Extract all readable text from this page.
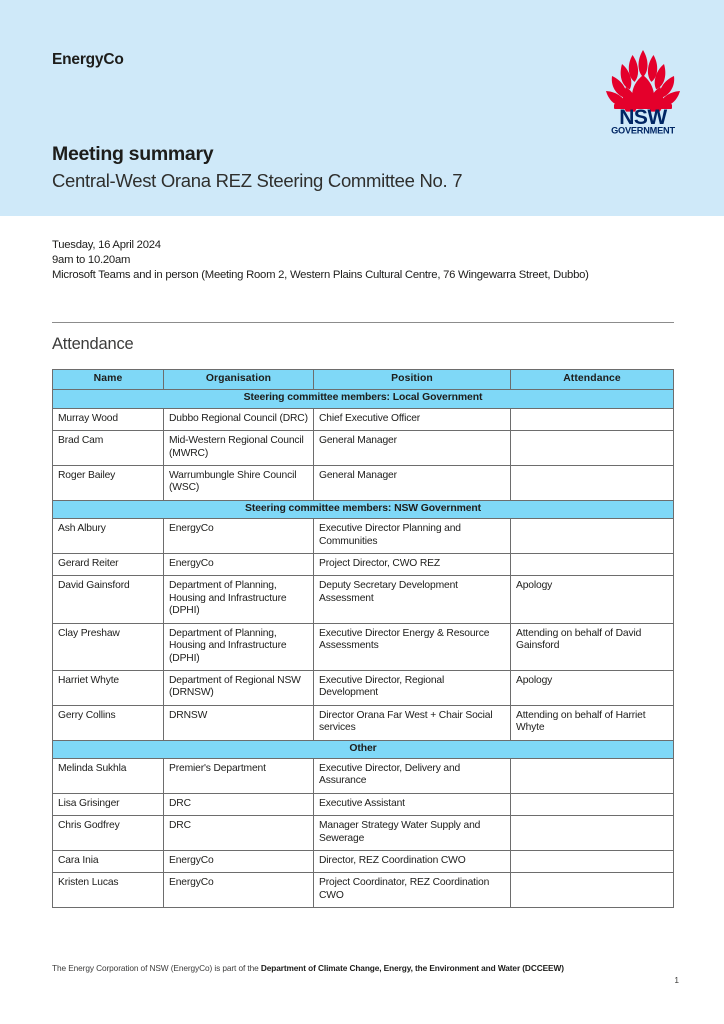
EnergyCo
NSW
GOVERNMENT
Meeting summary
Central-West Orana REZ Steering Committee No. 7
Tuesday, 16 April 2024
9am to 10.20am
Microsoft Teams and in person (Meeting Room 2, Western Plains Cultural Centre, 76 Wingewarra Street, Dubbo)
Attendance
Name	Organisation	Position	Attendance
Steering committee members: Local Government			
Murray Wood	Dubbo Regional Council (DRC)	Chief Executive Officer	
Brad Cam	Mid-Western Regional Council (MWRC)	General Manager	
Roger Bailey	Warrumbungle Shire Council (WSC)	General Manager	
Steering committee members: NSW Government			
Ash Albury	EnergyCo	Executive Director Planning and Communities	
Gerard Reiter	EnergyCo	Project Director, CWO REZ	
David Gainsford	Department of Planning, Housing and Infrastructure (DPHI)	Deputy Secretary Development Assessment	Apology
Clay Preshaw	Department of Planning, Housing and Infrastructure (DPHI)	Executive Director Energy & Resource Assessments	Attending on behalf of David Gainsford
Harriet Whyte	Department of Regional NSW (DRNSW)	Executive Director, Regional Development	Apology
Gerry Collins	DRNSW	Director Orana Far West + Chair Social services	Attending on behalf of Harriet Whyte
Other			
Melinda Sukhla	Premier's Department	Executive Director, Delivery and Assurance	
Lisa Grisinger	DRC	Executive Assistant	
Chris Godfrey	DRC	Manager Strategy Water Supply and Sewerage	
Cara Inia	EnergyCo	Director, REZ Coordination CWO	
Kristen Lucas	EnergyCo	Project Coordinator, REZ Coordination CWO	
The Energy Corporation of NSW (EnergyCo) is part of the Department of Climate Change, Energy, the Environment and Water (DCCEEW)
1
